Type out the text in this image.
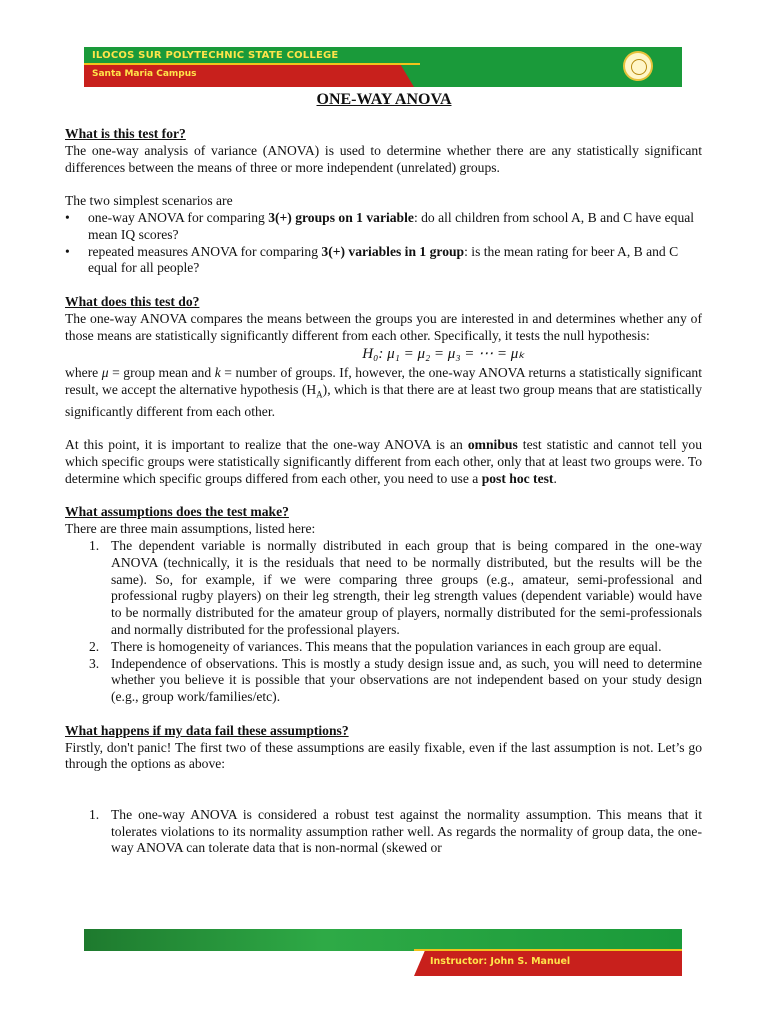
ILOCOS SUR POLYTECHNIC STATE COLLEGE
Santa Maria Campus
ONE-WAY ANOVA

What is this test for?

The one-way analysis of variance (ANOVA) is used to determine whether there are any statistically significant differences between the means of three or more independent (unrelated) groups.

The two simplest scenarios are

• one-way ANOVA for comparing 3(+) groups on 1 variable: do all children from school A, B and C have equal mean IQ scores?
• repeated measures ANOVA for comparing 3(+) variables in 1 group: is the mean rating for beer A, B and C equal for all people?

What does this test do?

The one-way ANOVA compares the means between the groups you are interested in and determines whether any of those means are statistically significantly different from each other. Specifically, it tests the null hypothesis:

H₀: μ₁ = μ₂ = μ₃ = ⋯ = μₖ

where μ = group mean and k = number of groups. If, however, the one-way ANOVA returns a statistically significant result, we accept the alternative hypothesis $(H_A)$, which is that there are at least two group means that are statistically significantly different from each other.

At this point, it is important to realize that the one-way ANOVA is an omnibus test statistic and cannot tell you which specific groups were statistically significantly different from each other, only that at least two groups were. To determine which specific groups differed from each other, you need to use a post hoc test.

What assumptions does the test make?

There are three main assumptions, listed here:

1. The dependent variable is normally distributed in each group that is being compared in the one-way ANOVA (technically, it is the residuals that need to be normally distributed, but the results will be the same). So, for example, if we were comparing three groups (e.g., amateur, semi-professional and professional rugby players) on their leg strength, their leg strength values (dependent variable) would have to be normally distributed for the amateur group of players, normally distributed for the semi-professionals and normally distributed for the professional players.
2. There is homogeneity of variances. This means that the population variances in each group are equal.
3. Independence of observations. This is mostly a study design issue and, as such, you will need to determine whether you believe it is possible that your observations are not independent based on your study design (e.g., group work/families/etc).

What happens if my data fail these assumptions?

Firstly, don't panic! The first two of these assumptions are easily fixable, even if the last assumption is not. Let’s go through the options as above:

1. The one-way ANOVA is considered a robust test against the normality assumption. This means that it tolerates violations to its normality assumption rather well. As regards the normality of group data, the one-way ANOVA can tolerate data that is non-normal (skewed or
Instructor: John S. Manuel
